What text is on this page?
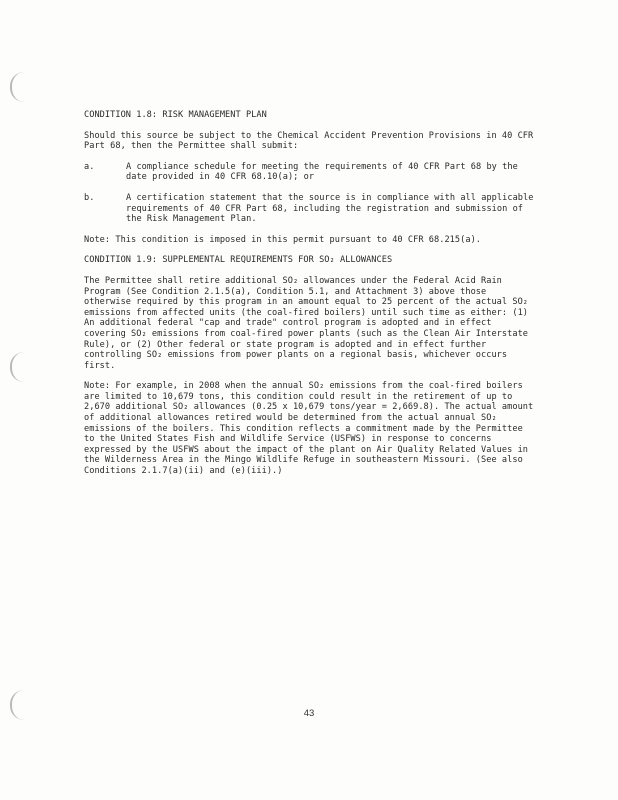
CONDITION 1.8: RISK MANAGEMENT PLAN

Should this source be subject to the Chemical Accident Prevention Provisions in 40 CFR Part 68, then the Permittee shall submit:

a.	A compliance schedule for meeting the requirements of 40 CFR Part 68 by the date provided in 40 CFR 68.10(a); or
b.	A certification statement that the source is in compliance with all applicable requirements of 40 CFR Part 68, including the registration and submission of the Risk Management Plan.

Note: This condition is imposed in this permit pursuant to 40 CFR 68.215(a).

CONDITION 1.9: SUPPLEMENTAL REQUIREMENTS FOR SO₂ ALLOWANCES

The Permittee shall retire additional SO₂ allowances under the Federal Acid Rain Program (See Condition 2.1.5(a), Condition 5.1, and Attachment 3) above those otherwise required by this program in an amount equal to 25 percent of the actual SO₂ emissions from affected units (the coal-fired boilers) until such time as either: (1) An additional federal "cap and trade" control program is adopted and in effect covering SO₂ emissions from coal-fired power plants (such as the Clean Air Interstate Rule), or (2) Other federal or state program is adopted and in effect further controlling SO₂ emissions from power plants on a regional basis, whichever occurs first.

Note: For example, in 2008 when the annual SO₂ emissions from the coal-fired boilers are limited to 10,679 tons, this condition could result in the retirement of up to 2,670 additional SO₂ allowances (0.25 x 10,679 tons/year = 2,669.8). The actual amount of additional allowances retired would be determined from the actual annual SO₂ emissions of the boilers. This condition reflects a commitment made by the Permittee to the United States Fish and Wildlife Service (USFWS) in response to concerns expressed by the USFWS about the impact of the plant on Air Quality Related Values in the Wilderness Area in the Mingo Wildlife Refuge in southeastern Missouri. (See also Conditions 2.1.7(a)(ii) and (e)(iii).)

43
